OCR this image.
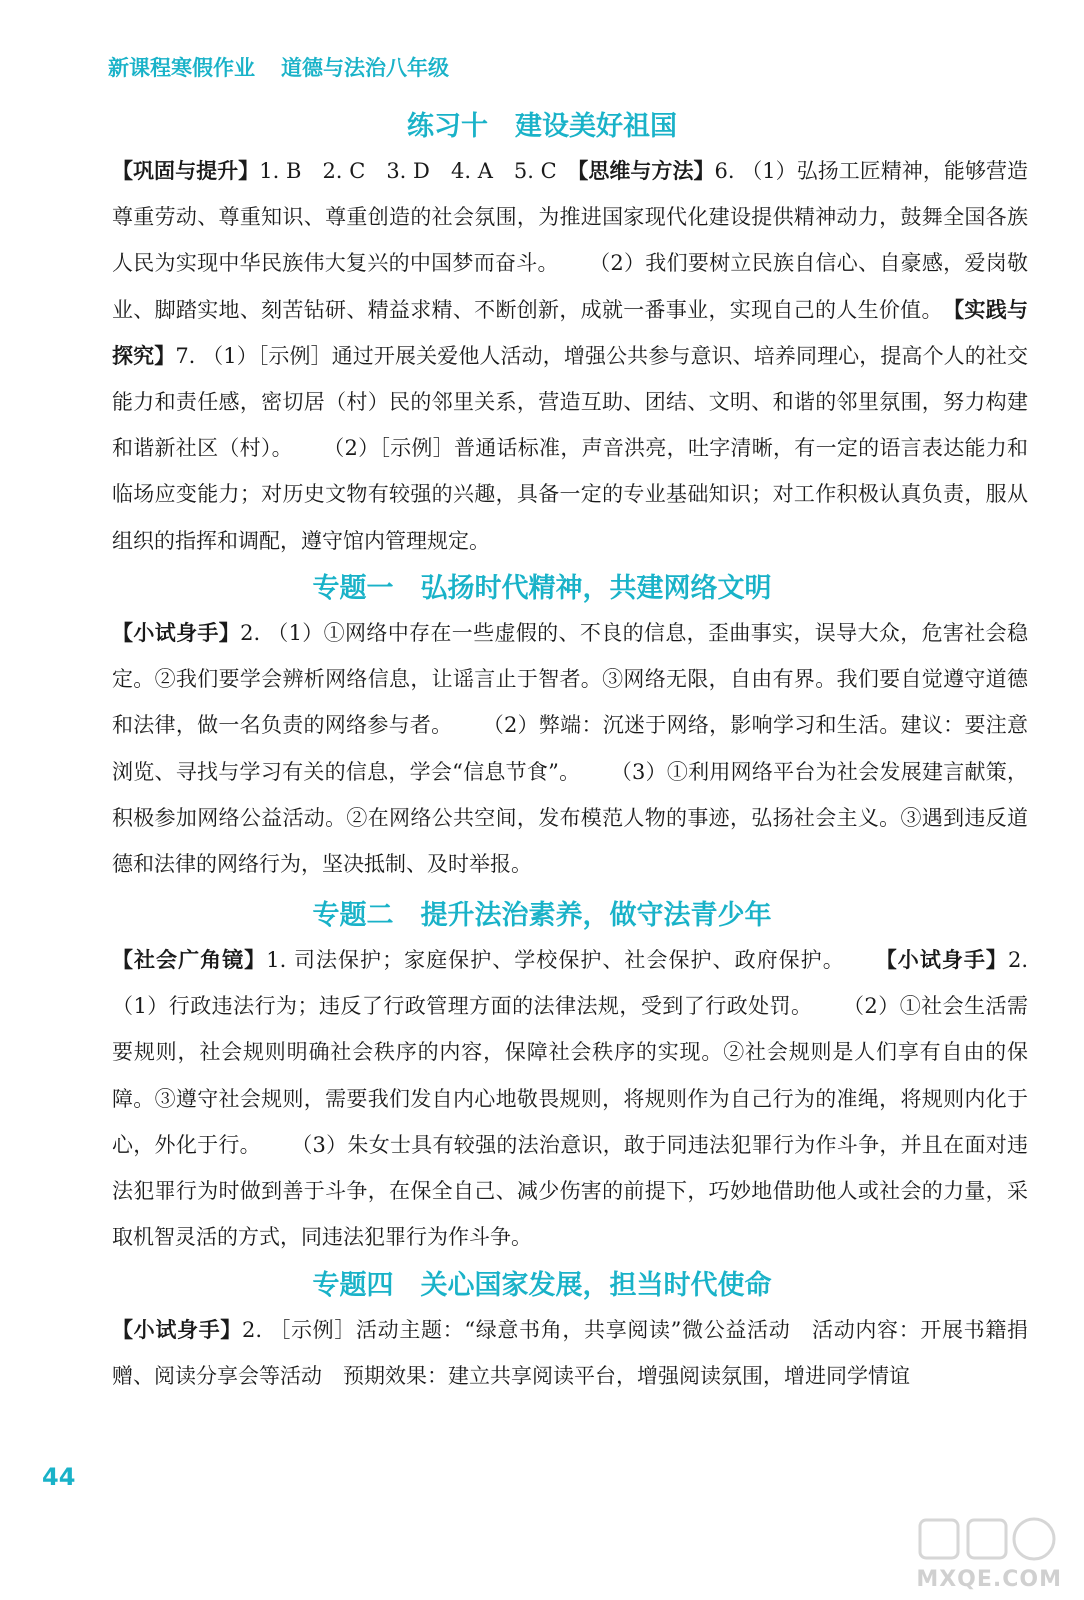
新课程寒假作业 道德与法治八年级
练习十　建设美好祖国
【巩固与提升】1. B　2. C　3. D　4. A　5. C　【思维与方法】6. （1）弘扬工匠精神，能够营造尊重劳动、尊重知识、尊重创造的社会氛围，为推进国家现代化建设提供精神动力，鼓舞全国各族人民为实现中华民族伟大复兴的中国梦而奋斗。 （2）我们要树立民族自信心、自豪感，爱岗敬业、脚踏实地、刻苦钻研、精益求精、不断创新，成就一番事业，实现自己的人生价值。　【实践与探究】7. （1）［示例］通过开展关爱他人活动，增强公共参与意识、培养同理心，提高个人的社交能力和责任感，密切居（村）民的邻里关系，营造互助、团结、文明、和谐的邻里氛围，努力构建和谐新社区（村）。 （2）［示例］普通话标准，声音洪亮，吐字清晰，有一定的语言表达能力和临场应变能力；对历史文物有较强的兴趣，具备一定的专业基础知识；对工作积极认真负责，服从组织的指挥和调配，遵守馆内管理规定。
专题一　弘扬时代精神，共建网络文明
【小试身手】2. （1）①网络中存在一些虚假的、不良的信息，歪曲事实，误导大众，危害社会稳定。②我们要学会辨析网络信息，让谣言止于智者。③网络无限，自由有界。我们要自觉遵守道德和法律，做一名负责的网络参与者。 （2）弊端：沉迷于网络，影响学习和生活。建议：要注意浏览、寻找与学习有关的信息，学会“信息节食”。 （3）①利用网络平台为社会发展建言献策，积极参加网络公益活动。②在网络公共空间，发布模范人物的事迹，弘扬社会主义。③遇到违反道德和法律的网络行为，坚决抵制、及时举报。
专题二　提升法治素养，做守法青少年
【社会广角镜】1. 司法保护；家庭保护、学校保护、社会保护、政府保护。 【小试身手】2. （1）行政违法行为；违反了行政管理方面的法律法规，受到了行政处罚。 （2）①社会生活需要规则，社会规则明确社会秩序的内容，保障社会秩序的实现。②社会规则是人们享有自由的保障。③遵守社会规则，需要我们发自内心地敬畏规则，将规则作为自己行为的准绳，将规则内化于心，外化于行。 （3）朱女士具有较强的法治意识，敢于同违法犯罪行为作斗争，并且在面对违法犯罪行为时做到善于斗争，在保全自己、减少伤害的前提下，巧妙地借助他人或社会的力量，采取机智灵活的方式，同违法犯罪行为作斗争。
专题四　关心国家发展，担当时代使命
【小试身手】2. ［示例］活动主题：“绿意书角，共享阅读”微公益活动　活动内容：开展书籍捐赠、阅读分享会等活动　预期效果：建立共享阅读平台，增强阅读氛围，增进同学情谊
44
MXQE.COM
